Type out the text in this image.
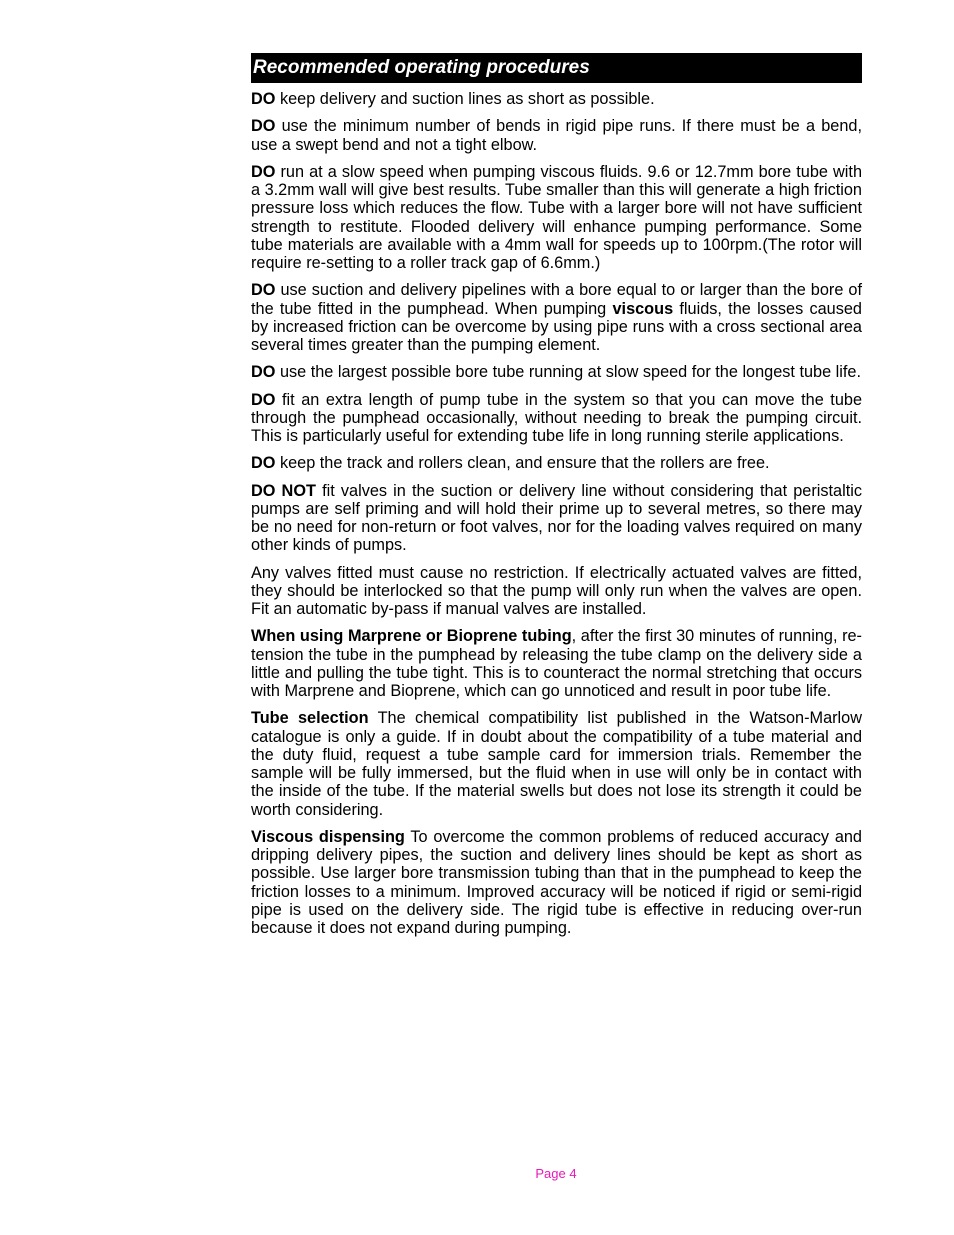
Recommended operating procedures

DO keep delivery and suction lines as short as possible.

DO use the minimum number of bends in rigid pipe runs. If there must be a bend, use a swept bend and not a tight elbow.

DO run at a slow speed when pumping viscous fluids. 9.6 or 12.7mm bore tube with a 3.2mm wall will give best results. Tube smaller than this will generate a high friction pressure loss which reduces the flow. Tube with a larger bore will not have sufficient strength to restitute. Flooded delivery will enhance pumping performance. Some tube materials are available with a 4mm wall for speeds up to 100rpm.(The rotor will require re-setting to a roller track gap of 6.6mm.)

DO use suction and delivery pipelines with a bore equal to or larger than the bore of the tube fitted in the pumphead. When pumping viscous fluids, the losses caused by increased friction can be overcome by using pipe runs with a cross sectional area several times greater than the pumping element.

DO use the largest possible bore tube running at slow speed for the longest tube life.

DO fit an extra length of pump tube in the system so that you can move the tube through the pumphead occasionally, without needing to break the pumping circuit. This is particularly useful for extending tube life in long running sterile applications.

DO keep the track and rollers clean, and ensure that the rollers are free.

DO NOT fit valves in the suction or delivery line without considering that peristaltic pumps are self priming and will hold their prime up to several metres, so there may be no need for non-return or foot valves, nor for the loading valves required on many other kinds of pumps.

Any valves fitted must cause no restriction. If electrically actuated valves are fitted, they should be interlocked so that the pump will only run when the valves are open. Fit an automatic by-pass if manual valves are installed.

When using Marprene or Bioprene tubing, after the first 30 minutes of running, re-tension the tube in the pumphead by releasing the tube clamp on the delivery side a little and pulling the tube tight. This is to counteract the normal stretching that occurs with Marprene and Bioprene, which can go unnoticed and result in poor tube life.

Tube selection The chemical compatibility list published in the Watson-Marlow catalogue is only a guide. If in doubt about the compatibility of a tube material and the duty fluid, request a tube sample card for immersion trials. Remember the sample will be fully immersed, but the fluid when in use will only be in contact with the inside of the tube. If the material swells but does not lose its strength it could be worth considering.

Viscous dispensing To overcome the common problems of reduced accuracy and dripping delivery pipes, the suction and delivery lines should be kept as short as possible. Use larger bore transmission tubing than that in the pumphead to keep the friction losses to a minimum. Improved accuracy will be noticed if rigid or semi-rigid pipe is used on the delivery side. The rigid tube is effective in reducing over-run because it does not expand during pumping.

Page 4
